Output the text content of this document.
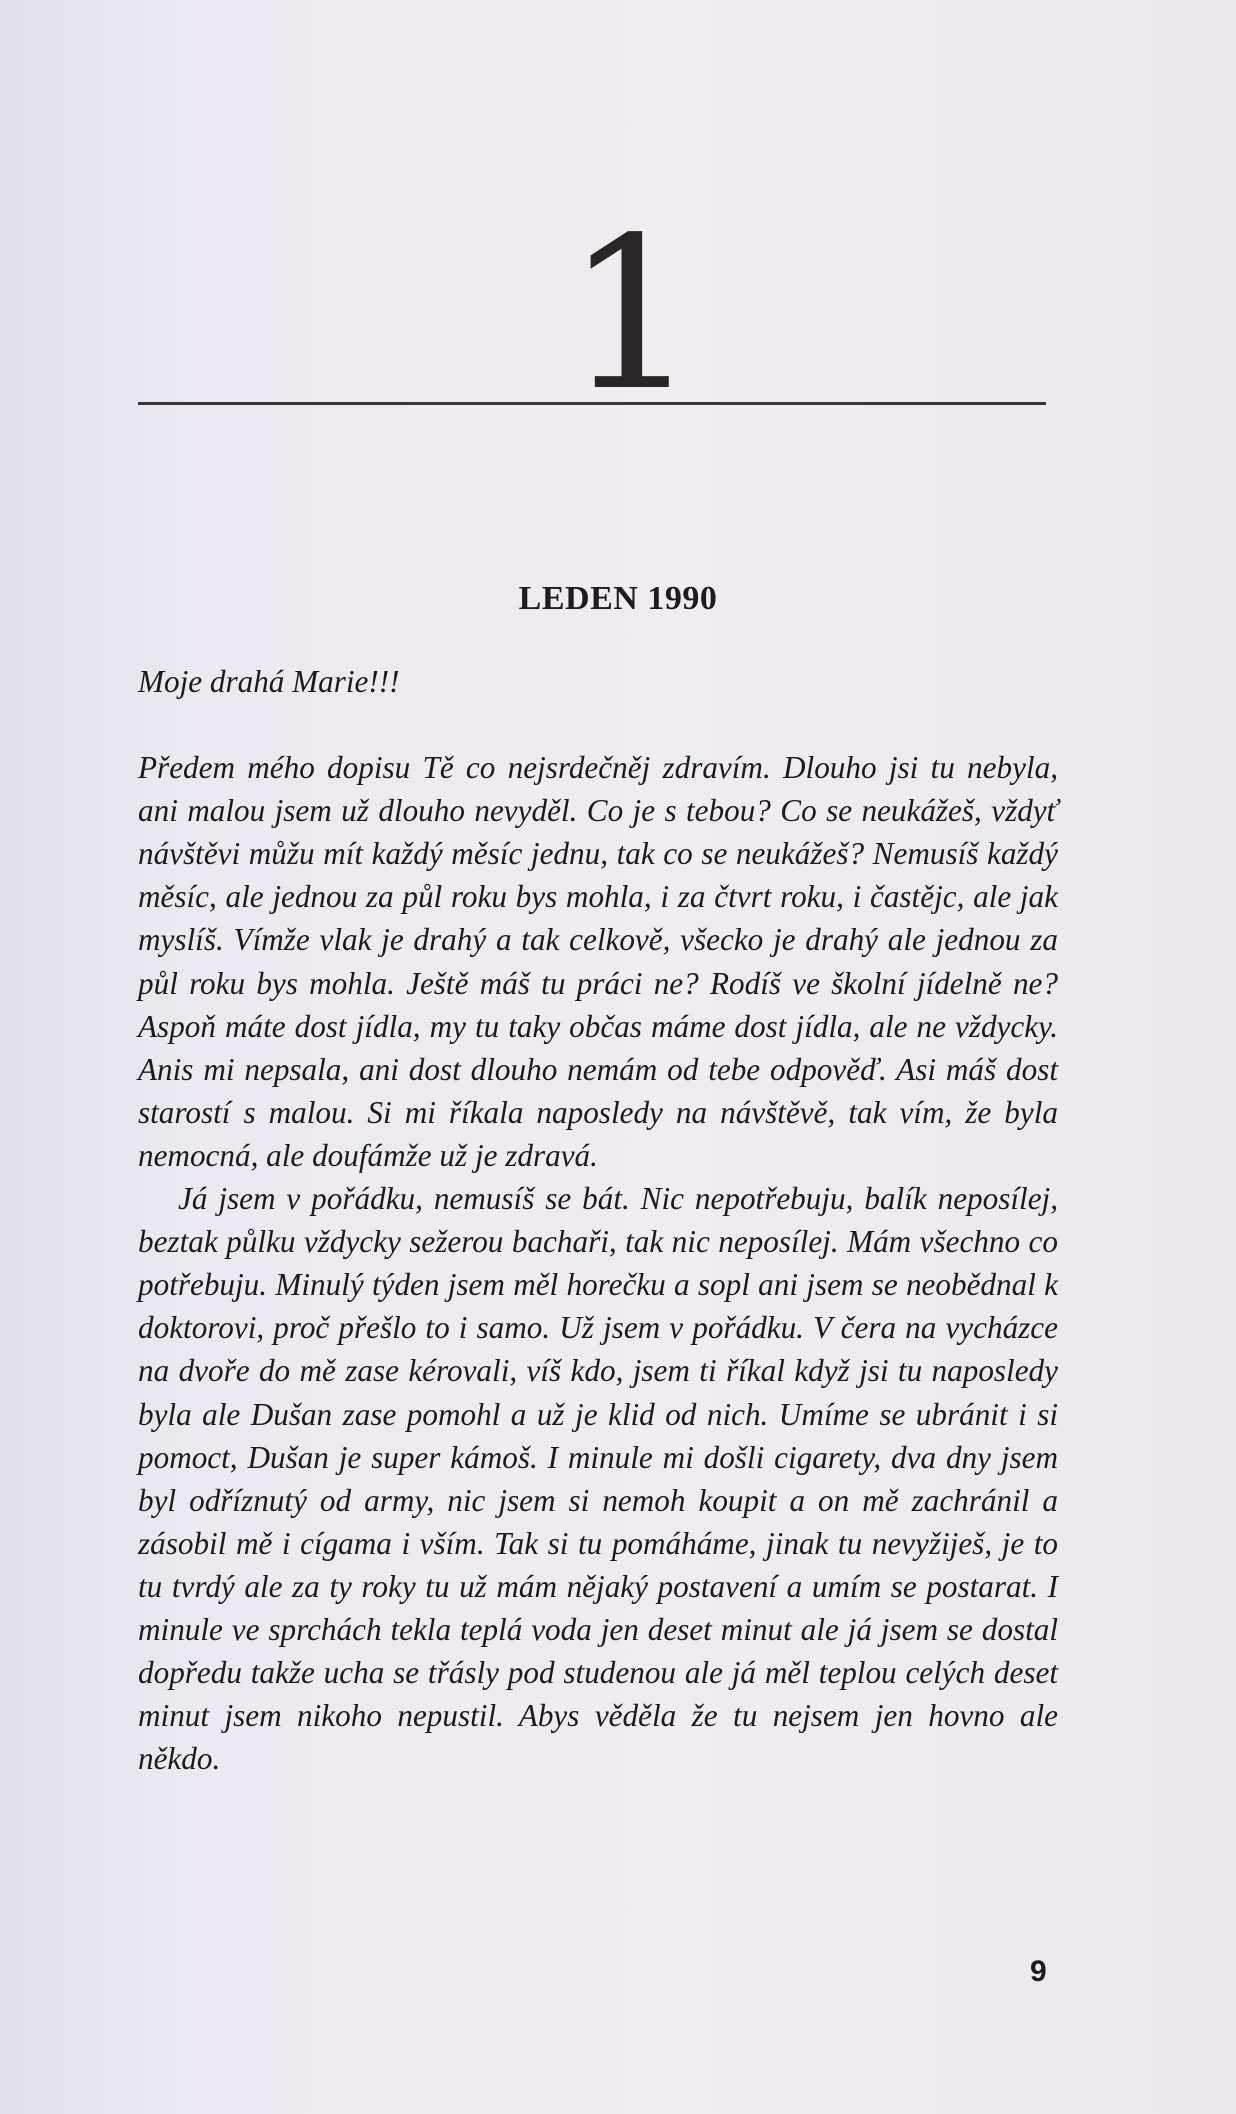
1
LEDEN 1990

Moje drahá Marie!!!

Předem mého dopisu Tě co nejsrdečněj zdravím. Dlouho jsi tu nebyla, ani malou jsem už dlouho nevyděl. Co je s tebou? Co se neukážeš, vždyť návštěvi můžu mít každý měsíc jednu, tak co se neukážeš? Nemusíš každý měsíc, ale jednou za půl roku bys mohla, i za čtvrt roku, i častějc, ale jak myslíš. Vímže vlak je drahý a tak celkově, všecko je drahý ale jednou za půl roku bys mohla. Ještě máš tu práci ne? Rodíš ve školní jídelně ne? Aspoň máte dost jídla, my tu taky občas máme dost jídla, ale ne vždycky. Anis mi nepsala, ani dost dlouho nemám od tebe odpověď. Asi máš dost starostí s malou. Si mi říkala naposledy na návštěvě, tak vím, že byla nemocná, ale doufámže už je zdravá.

Já jsem v pořádku, nemusíš se bát. Nic nepotřebuju, balík neposílej, beztak půlku vždycky sežerou bachaři, tak nic neposílej. Mám všechno co potřebuju. Minulý týden jsem měl horečku a sopl ani jsem se neobědnal k doktorovi, proč přešlo to i samo. Už jsem v pořádku. V čera na vycházce na dvoře do mě zase kérovali, víš kdo, jsem ti říkal když jsi tu naposledy byla ale Dušan zase pomohl a už je klid od nich. Umíme se ubránit i si pomoct, Dušan je super kámoš. I minule mi došli cigarety, dva dny jsem byl odříznutý od army, nic jsem si nemoh koupit a on mě zachránil a zásobil mě i cígama i vším. Tak si tu pomáháme, jinak tu nevyžiješ, je to tu tvrdý ale za ty roky tu už mám nějaký postavení a umím se postarat. I minule ve sprchách tekla teplá voda jen deset minut ale já jsem se dostal dopředu takže ucha se třásly pod studenou ale já měl teplou celých deset minut jsem nikoho nepustil. Abys věděla že tu nejsem jen hovno ale někdo.

9
